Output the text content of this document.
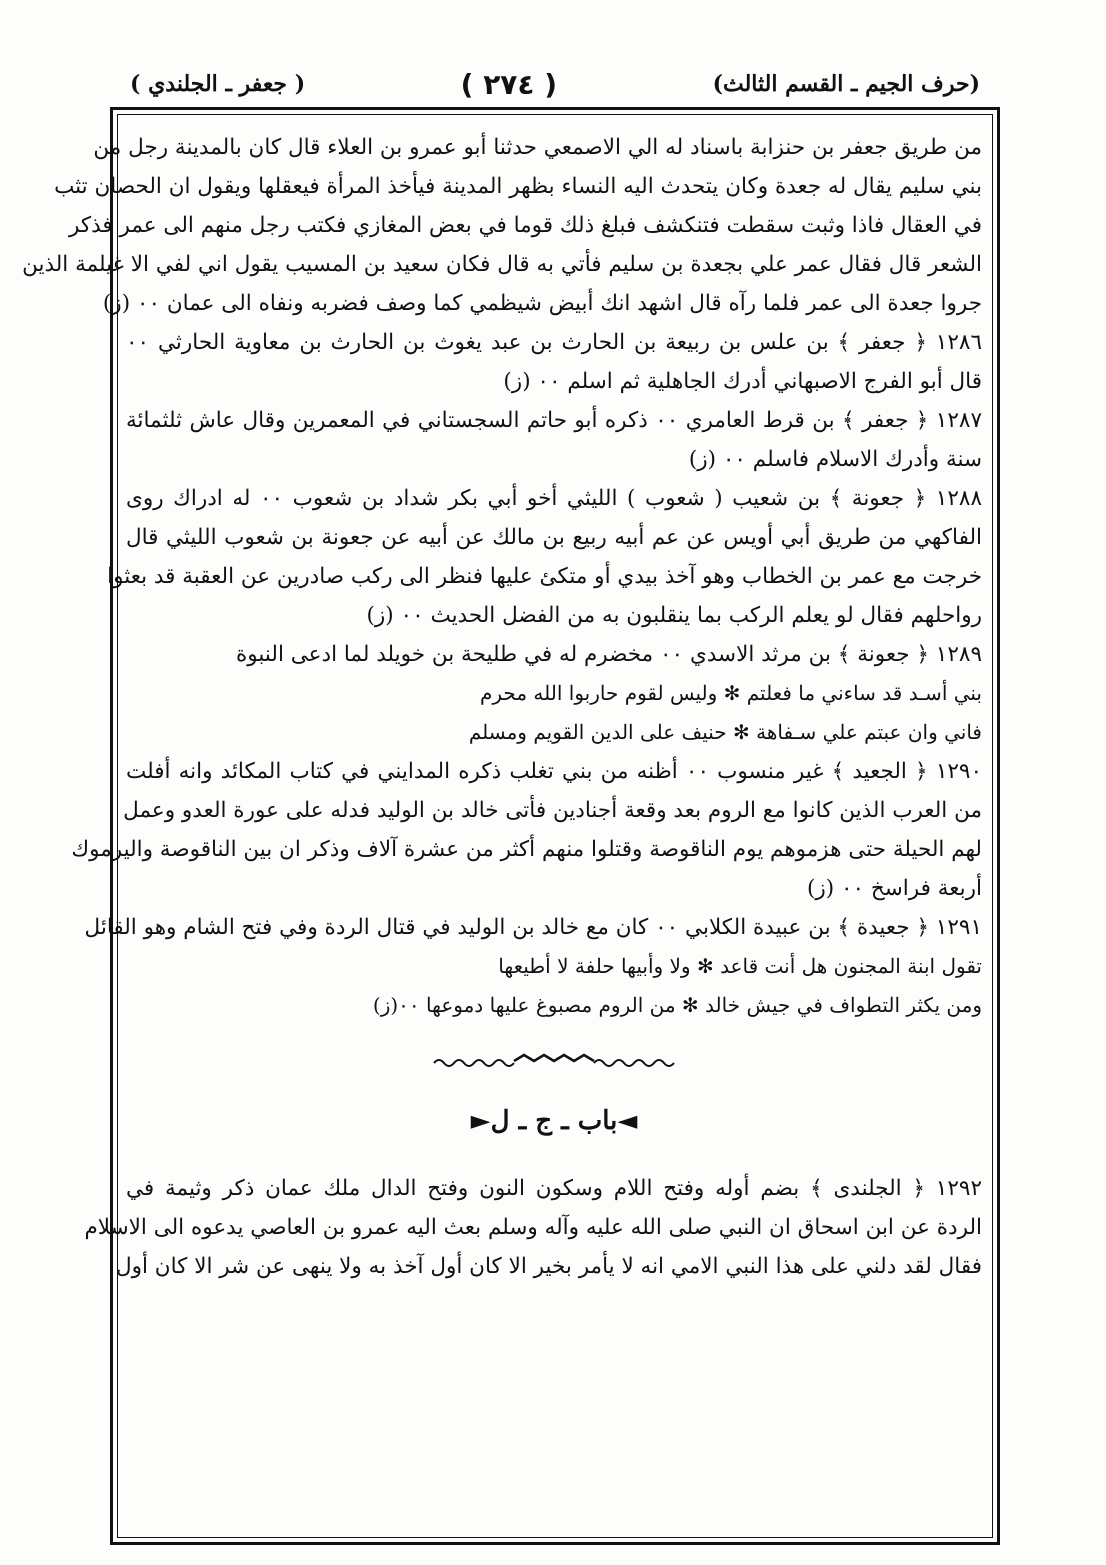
(حرف الجيم ـ القسم الثالث)
( ٢٧٤ )
( جعفر ـ الجلندي )
من طريق جعفر بن حنزابة باسناد له الي الاصمعي حدثنا أبو عمرو بن العلاء قال كان بالمدينة رجل من
بني سليم يقال له جعدة وكان يتحدث اليه النساء بظهر المدينة فيأخذ المرأة فيعقلها ويقول ان الحصان تثب
في العقال فاذا وثبت سقطت فتنكشف فبلغ ذلك قوما في بعض المغازي فكتب رجل منهم الى عمر فذكر
الشعر قال فقال عمر علي بجعدة بن سليم فأتي به قال فكان سعيد بن المسيب يقول اني لفي الا غيلمة الذين
جروا جعدة الى عمر فلما رآه قال اشهد انك أبيض شيظمي كما وصف فضربه ونفاه الى عمان ٠٠ (ز)
١٢٨٦ ﴿ جعفر ﴾ بن علس بن ربيعة بن الحارث بن عبد يغوث بن الحارث بن معاوية الحارثي ٠٠
قال أبو الفرج الاصبهاني أدرك الجاهلية ثم اسلم ٠٠ (ز)
١٢٨٧ ﴿ جعفر ﴾ بن قرط العامري ٠٠ ذكره أبو حاتم السجستاني في المعمرين وقال عاش ثلثمائة
سنة وأدرك الاسلام فاسلم ٠٠ (ز)
١٢٨٨ ﴿ جعونة ﴾ بن شعيب ( شعوب ) الليثي أخو أبي بكر شداد بن شعوب ٠٠ له ادراك روى
الفاكهي من طريق أبي أويس عن عم أبيه ربيع بن مالك عن أبيه عن جعونة بن شعوب الليثي قال
خرجت مع عمر بن الخطاب وهو آخذ بيدي أو متكئ عليها فنظر الى ركب صادرين عن العقبة قد بعثوا
رواحلهم فقال لو يعلم الركب بما ينقلبون به من الفضل الحديث ٠٠ (ز)
١٢٨٩ ﴿ جعونة ﴾ بن مرثد الاسدي ٠٠ مخضرم له في طليحة بن خويلد لما ادعى النبوة
بني أسـد قد ساءني ما فعلتم ✻ وليس لقوم حاربوا الله محرم
فاني وان عبتم علي سـفاهة ✻ حنيف على الدين القويم ومسلم
١٢٩٠ ﴿ الجعيد ﴾ غير منسوب ٠٠ أظنه من بني تغلب ذكره المدايني في كتاب المكائد وانه أفلت
من العرب الذين كانوا مع الروم بعد وقعة أجنادين فأتى خالد بن الوليد فدله على عورة العدو وعمل
لهم الحيلة حتى هزموهم يوم الناقوصة وقتلوا منهم أكثر من عشرة آلاف وذكر ان بين الناقوصة واليرموك
أربعة فراسخ ٠٠ (ز)
١٢٩١ ﴿ جعيدة ﴾ بن عبيدة الكلابي ٠٠ كان مع خالد بن الوليد في قتال الردة وفي فتح الشام وهو القائل
تقول ابنة المجنون هل أنت قاعد ✻ ولا وأبيها حلفة لا أطيعها
ومن يكثر التطواف في جيش خالد ✻ من الروم مصبوغ عليها دموعها ٠٠(ز)
◄باب ـ ج ـ ل►
١٢٩٢ ﴿ الجلندى ﴾ بضم أوله وفتح اللام وسكون النون وفتح الدال ملك عمان ذكر وثيمة في
الردة عن ابن اسحاق ان النبي صلى الله عليه وآله وسلم بعث اليه عمرو بن العاصي يدعوه الى الاسلام
فقال لقد دلني على هذا النبي الامي انه لا يأمر بخير الا كان أول آخذ به ولا ينهى عن شر الا كان أول
